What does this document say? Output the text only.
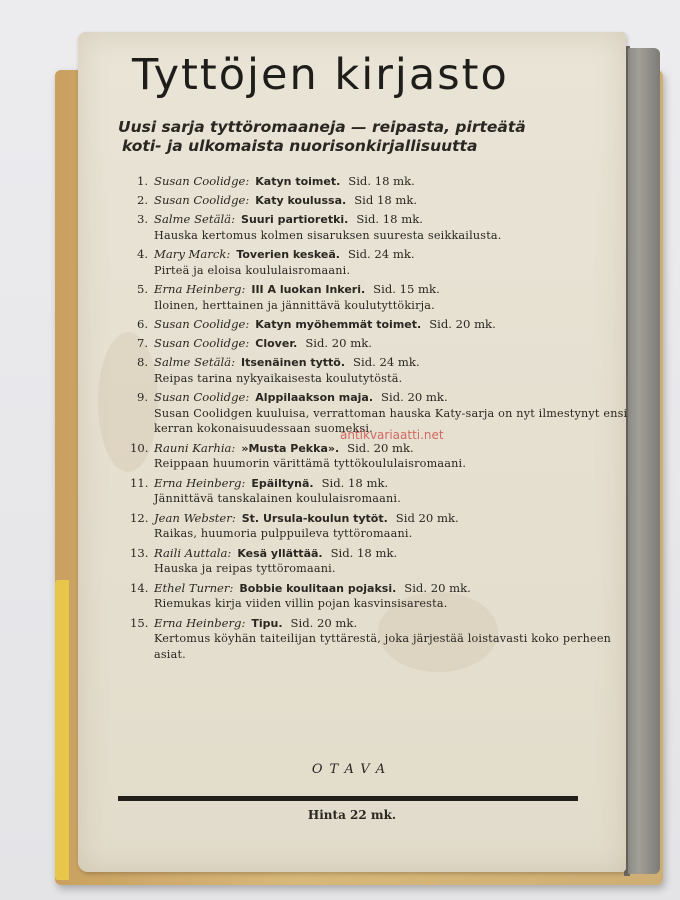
Tyttöjen kirjasto
Uusi sarja tyttöromaaneja — reipasta, pirteätä
koti- ja ulkomaista nuorisonkirjallisuutta
1. Susan Coolidge: Katyn toimet. Sid. 18 mk.
2. Susan Coolidge: Katy koulussa. Sid 18 mk.
3. Salme Setälä: Suuri partioretki. Sid. 18 mk.
Hauska kertomus kolmen sisaruksen suuresta seikkailusta.
4. Mary Marck: Toverien keskeä. Sid. 24 mk.
Pirteä ja eloisa koululaisromaani.
5. Erna Heinberg: III A luokan Inkeri. Sid. 15 mk.
Iloinen, herttainen ja jännittävä koulutyttökirja.
6. Susan Coolidge: Katyn myöhemmät toimet. Sid. 20 mk.
7. Susan Coolidge: Clover. Sid. 20 mk.
8. Salme Setälä: Itsenäinen tyttö. Sid. 24 mk.
Reipas tarina nykyaikaisesta koulutytöstä.
9. Susan Coolidge: Alppilaakson maja. Sid. 20 mk.
Susan Coolidgen kuuluisa, verrattoman hauska Katy-sarja on nyt ilmestynyt ensi kerran kokonaisuudessaan suomeksi.
10. Rauni Karhia: »Musta Pekka». Sid. 20 mk.
Reippaan huumorin värittämä tyttökoululaisromaani.
11. Erna Heinberg: Epäiltynä. Sid. 18 mk.
Jännittävä tanskalainen koululaisromaani.
12. Jean Webster: St. Ursula-koulun tytöt. Sid 20 mk.
Raikas, huumoria pulppuileva tyttöromaani.
13. Raili Auttala: Kesä yllättää. Sid. 18 mk.
Hauska ja reipas tyttöromaani.
14. Ethel Turner: Bobbie koulitaan pojaksi. Sid. 20 mk.
Riemukas kirja viiden villin pojan kasvinsisaresta.
15. Erna Heinberg: Tipu. Sid. 20 mk.
Kertomus köyhän taiteilijan tyttärestä, joka järjestää loistavasti koko perheen asiat.
antikvariaatti.net
OTAVA
Hinta 22 mk.
